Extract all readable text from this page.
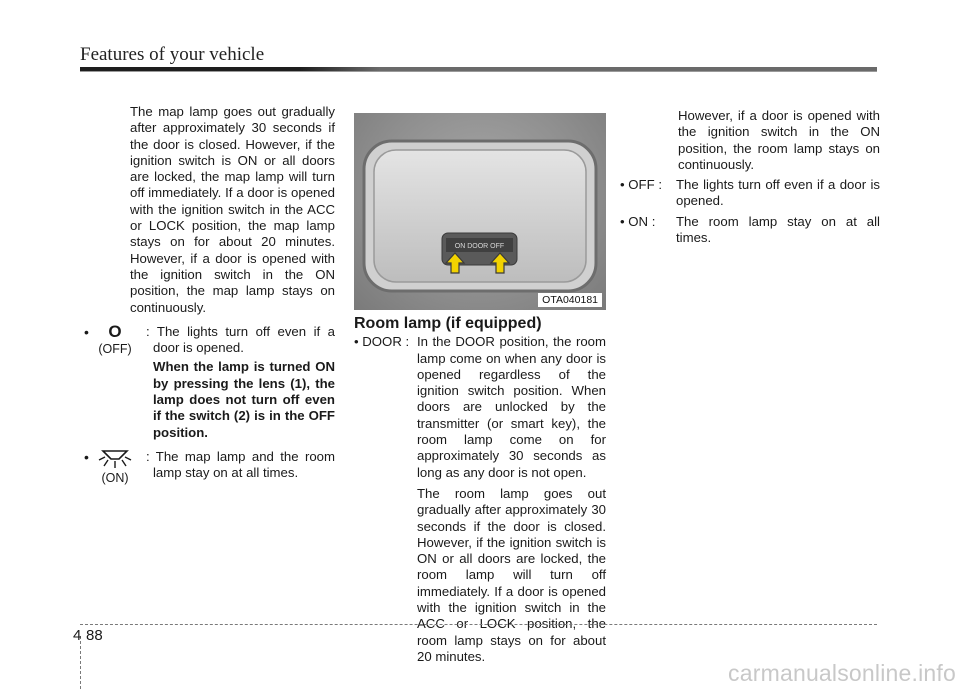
Features of your vehicle

The map lamp goes out gradually after approximately 30 seconds if the door is closed. However, if the ignition switch is ON or all doors are locked, the map lamp will turn off immediately. If a door is opened with the ignition switch in the ACC or LOCK position, the map lamp stays on for about 20 minutes. However, if a door is opened with the ignition switch in the ON position, the map lamp stays on continuously.

•	O
(OFF)

: The lights turn off even if a door is opened.

When the lamp is turned ON by pressing the lens (1), the lamp does not turn off even if the switch (2) is in the OFF position.

•
(ON)

: The map lamp and the room lamp stay on at all times.

ON DOOR OFF
OTA040181

Room lamp (if equipped)

• DOOR : In the DOOR position, the room lamp come on when any door is opened regardless of the ignition switch position. When doors are unlocked by the transmitter (or smart key), the room lamp come on for approximately 30 seconds as long as any door is not open.

The room lamp goes out gradually after approximately 30 seconds if the door is closed. However, if the ignition switch is ON or all doors are locked, the room lamp will turn off immediately. If a door is opened with the ignition switch in the ACC or LOCK position, the room lamp stays on for about 20 minutes.

However, if a door is opened with the ignition switch in the ON position, the room lamp stays on continuously.

• OFF :	The lights turn off even if a door is opened.

• ON :	The room lamp stay on at all times.

4 88
carmanualsonline.info
